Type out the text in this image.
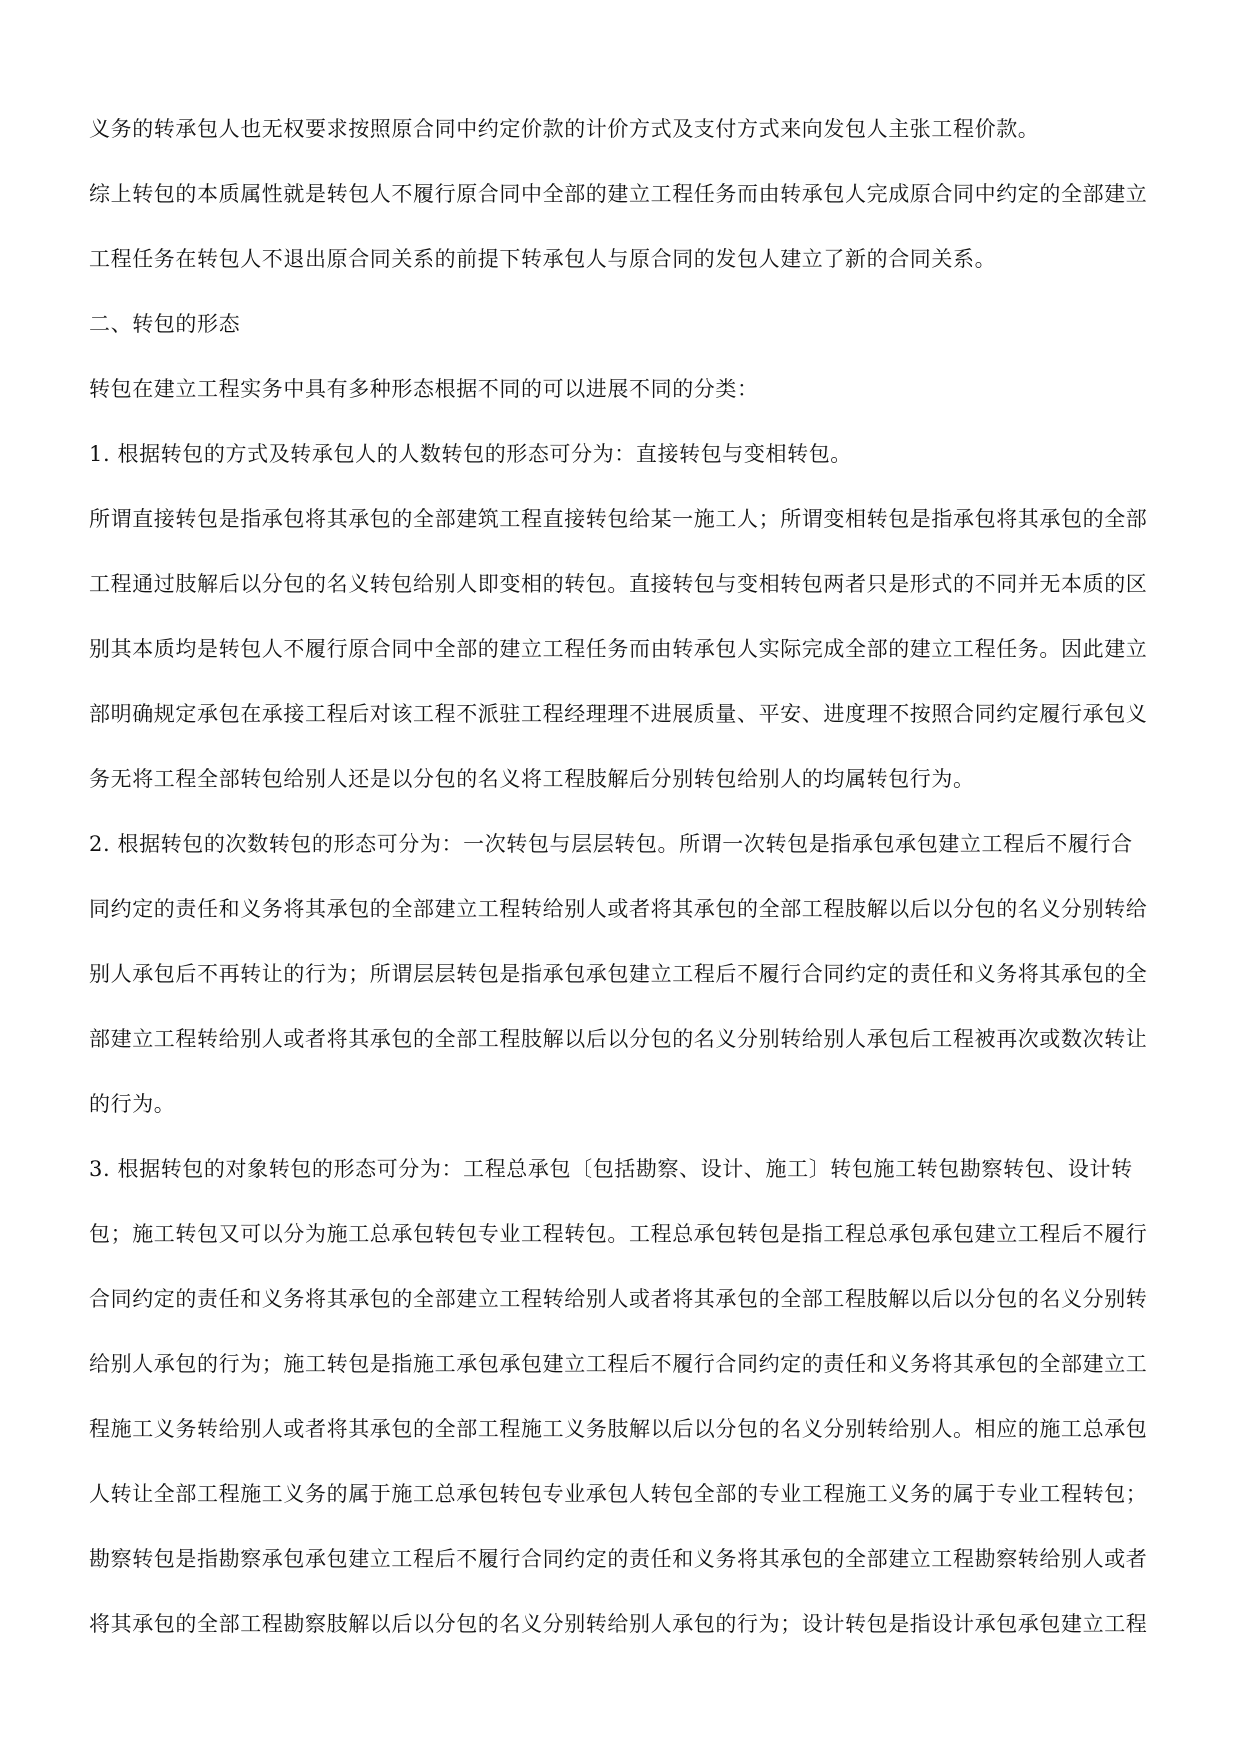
义务的转承包人也无权要求按照原合同中约定价款的计价方式及支付方式来向发包人主张工程价款。

综上转包的本质属性就是转包人不履行原合同中全部的建立工程任务而由转承包人完成原合同中约定的全部建立工程任务在转包人不退出原合同关系的前提下转承包人与原合同的发包人建立了新的合同关系。

二、转包的形态

转包在建立工程实务中具有多种形态根据不同的可以进展不同的分类：

1. 根据转包的方式及转承包人的人数转包的形态可分为：直接转包与变相转包。

所谓直接转包是指承包将其承包的全部建筑工程直接转包给某一施工人；所谓变相转包是指承包将其承包的全部工程通过肢解后以分包的名义转包给别人即变相的转包。直接转包与变相转包两者只是形式的不同并无本质的区别其本质均是转包人不履行原合同中全部的建立工程任务而由转承包人实际完成全部的建立工程任务。因此建立部明确规定承包在承接工程后对该工程不派驻工程经理理不进展质量、平安、进度理不按照合同约定履行承包义务无将工程全部转包给别人还是以分包的名义将工程肢解后分别转包给别人的均属转包行为。

2. 根据转包的次数转包的形态可分为：一次转包与层层转包。所谓一次转包是指承包承包建立工程后不履行合同约定的责任和义务将其承包的全部建立工程转给别人或者将其承包的全部工程肢解以后以分包的名义分别转给别人承包后不再转让的行为；所谓层层转包是指承包承包建立工程后不履行合同约定的责任和义务将其承包的全部建立工程转给别人或者将其承包的全部工程肢解以后以分包的名义分别转给别人承包后工程被再次或数次转让的行为。

3. 根据转包的对象转包的形态可分为：工程总承包〔包括勘察、设计、施工〕转包施工转包勘察转包、设计转包；施工转包又可以分为施工总承包转包专业工程转包。工程总承包转包是指工程总承包承包建立工程后不履行合同约定的责任和义务将其承包的全部建立工程转给别人或者将其承包的全部工程肢解以后以分包的名义分别转给别人承包的行为；施工转包是指施工承包承包建立工程后不履行合同约定的责任和义务将其承包的全部建立工程施工义务转给别人或者将其承包的全部工程施工义务肢解以后以分包的名义分别转给别人。相应的施工总承包人转让全部工程施工义务的属于施工总承包转包专业承包人转包全部的专业工程施工义务的属于专业工程转包；勘察转包是指勘察承包承包建立工程后不履行合同约定的责任和义务将其承包的全部建立工程勘察转给别人或者将其承包的全部工程勘察肢解以后以分包的名义分别转给别人承包的行为；设计转包是指设计承包承包建立工程
